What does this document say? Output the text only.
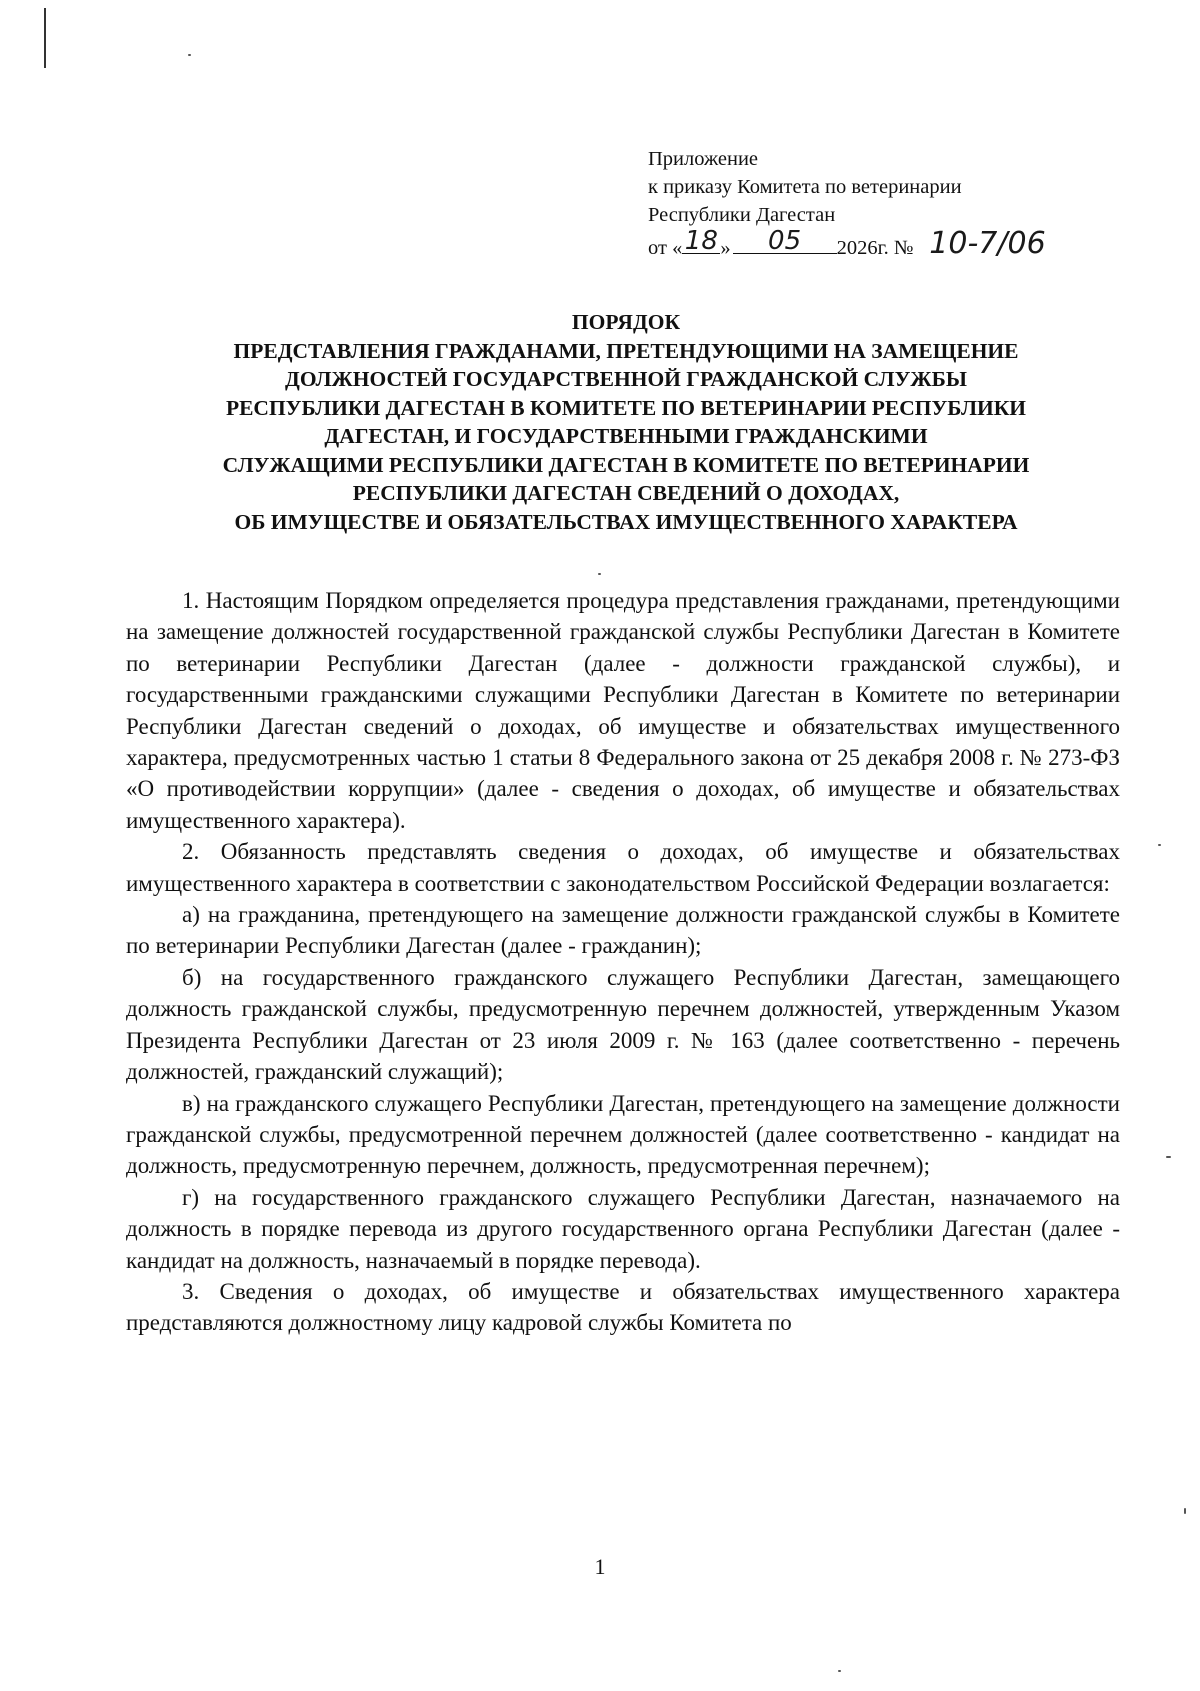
Приложение
к приказу Комитета по ветеринарии
Республики Дагестан
от « 18 »	05	2026г. № 10-7/06
ПОРЯДОК
ПРЕДСТАВЛЕНИЯ ГРАЖДАНАМИ, ПРЕТЕНДУЮЩИМИ НА ЗАМЕЩЕНИЕ
ДОЛЖНОСТЕЙ ГОСУДАРСТВЕННОЙ ГРАЖДАНСКОЙ СЛУЖБЫ
РЕСПУБЛИКИ ДАГЕСТАН В КОМИТЕТЕ ПО ВЕТЕРИНАРИИ РЕСПУБЛИКИ
ДАГЕСТАН, И ГОСУДАРСТВЕННЫМИ ГРАЖДАНСКИМИ
СЛУЖАЩИМИ РЕСПУБЛИКИ ДАГЕСТАН В КОМИТЕТЕ ПО ВЕТЕРИНАРИИ
РЕСПУБЛИКИ ДАГЕСТАН СВЕДЕНИЙ О ДОХОДАХ,
ОБ ИМУЩЕСТВЕ И ОБЯЗАТЕЛЬСТВАХ ИМУЩЕСТВЕННОГО ХАРАКТЕРА

1. Настоящим Порядком определяется процедура представления гражданами, претендующими на замещение должностей государственной гражданской службы Республики Дагестан в Комитете по ветеринарии Республики Дагестан (далее - должности гражданской службы), и государственными гражданскими служащими Республики Дагестан в Комитете по ветеринарии Республики Дагестан сведений о доходах, об имуществе и обязательствах имущественного характера, предусмотренных частью 1 статьи 8 Федерального закона от 25 декабря 2008 г. № 273-ФЗ «О противодействии коррупции» (далее - сведения о доходах, об имуществе и обязательствах имущественного характера).

2. Обязанность представлять сведения о доходах, об имуществе и обязательствах имущественного характера в соответствии с законодательством Российской Федерации возлагается:

а) на гражданина, претендующего на замещение должности гражданской службы в Комитете по ветеринарии Республики Дагестан (далее - гражданин);

б) на государственного гражданского служащего Республики Дагестан, замещающего должность гражданской службы, предусмотренную перечнем должностей, утвержденным Указом Президента Республики Дагестан от 23 июля 2009 г. № 163 (далее соответственно - перечень должностей, гражданский служащий);

в) на гражданского служащего Республики Дагестан, претендующего на замещение должности гражданской службы, предусмотренной перечнем должностей (далее соответственно - кандидат на должность, предусмотренную перечнем, должность, предусмотренная перечнем);

г) на государственного гражданского служащего Республики Дагестан, назначаемого на должность в порядке перевода из другого государственного органа Республики Дагестан (далее - кандидат на должность, назначаемый в порядке перевода).

3. Сведения о доходах, об имуществе и обязательствах имущественного характера представляются должностному лицу кадровой службы Комитета по

1
